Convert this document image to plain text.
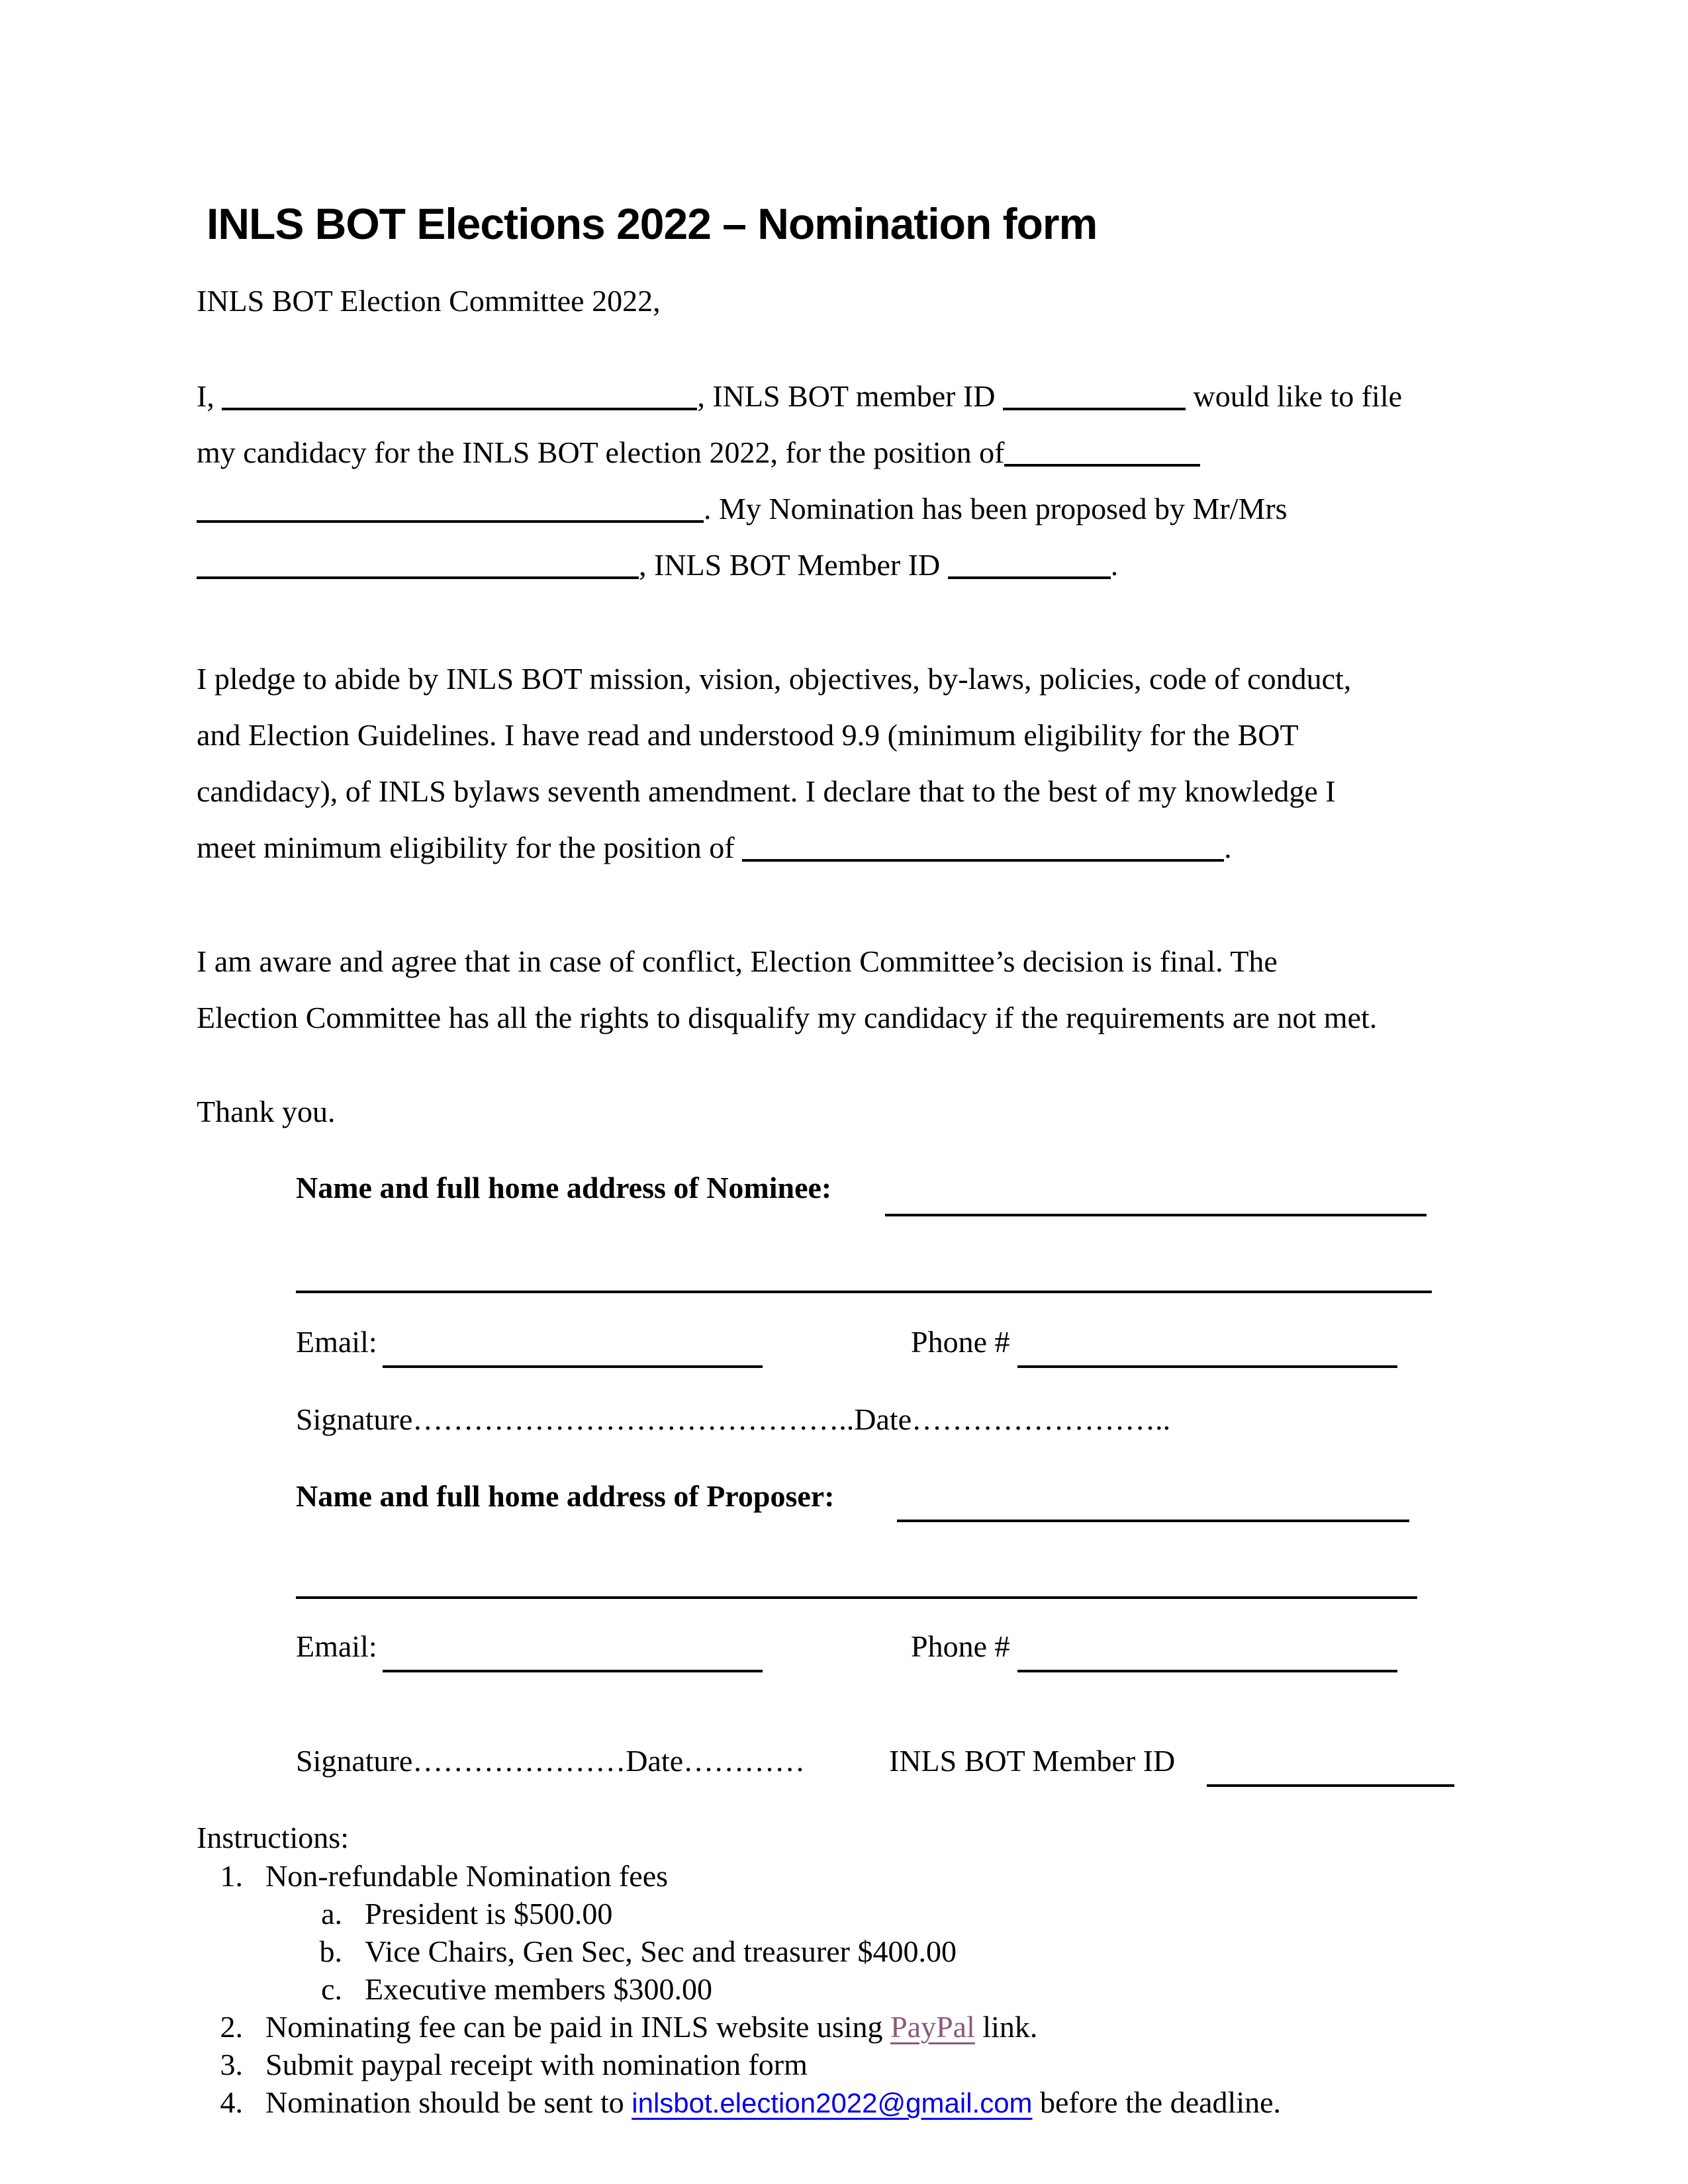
INLS BOT Elections 2022 – Nomination form
INLS BOT Election Committee 2022,
I,	, INLS BOT member ID	would like to file
my candidacy for the INLS BOT election 2022, for the position of
. My Nomination has been proposed by Mr/Mrs
, INLS BOT Member ID	.
I pledge to abide by INLS BOT mission, vision, objectives, by-laws, policies, code of conduct,
and Election Guidelines. I have read and understood 9.9 (minimum eligibility for the BOT
candidacy), of INLS bylaws seventh amendment. I declare that to the best of my knowledge I
meet minimum eligibility for the position of	.
I am aware and agree that in case of conflict, Election Committee’s decision is final. The
Election Committee has all the rights to disqualify my candidacy if the requirements are not met.
Thank you.
Name and full home address of Nominee:
Email:	Phone #
Signature……………………………………..Date……………………..
Name and full home address of Proposer:
Email:	Phone #
Signature…………………Date…………	INLS BOT Member ID
Instructions:
1. Non-refundable Nomination fees
a. President is $500.00
b. Vice Chairs, Gen Sec, Sec and treasurer $400.00
c. Executive members $300.00
2. Nominating fee can be paid in INLS website using PayPal link.
3. Submit paypal receipt with nomination form
4. Nomination should be sent to inlsbot.election2022@gmail.com before the deadline.
